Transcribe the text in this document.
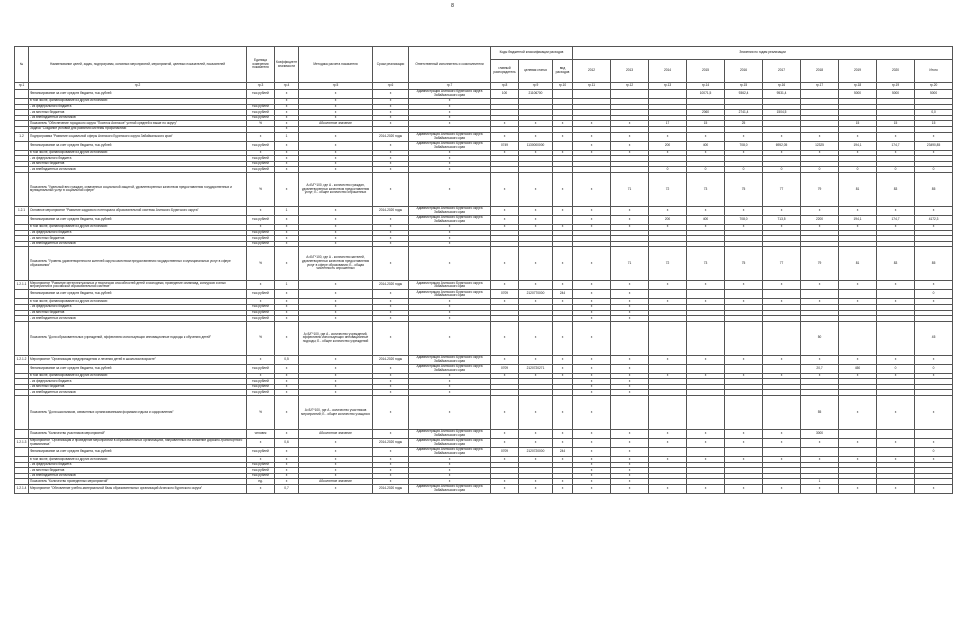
8
№	Наименование целей, задач, подпрограмм, основных мероприятий, мероприятий, целевых показателей, показателей	Единица измерения показателя	Коэффициент значимости	Методика расчета показателя	Сроки реализации	Ответственный исполнитель и соисполнители	Коды бюджетной классификации расходов			Значения по годам реализации										
							главный распорядитель	целевая статья	вид расходов	2012	2013	2014	2015	2016	2017	2018	2019	2020	Итого	
гр.1	гр.2	гр.3	гр.4	гр.5	гр.6	гр.7	гр.8	гр.9	гр.10	гр.11	гр.12	гр.13	гр.14	гр.15	гр.16	гр.17	гр.18	гр.19	гр.20	
	Финансирование за счет средств бюджета, тыс.рублей	тыс.рублей	х	х	х	Администрация Агинского бурятского округа Забайкальского края	100	21106700					10071,5	9362,4	9531,4		5000	5000	5000	
	в том числе, финансирование из других источников:		х	х	х	х														
	- из федерального бюджета	тыс.рублей	х	х	х	х														
	- из местных бюджетов	тыс.рублей	х	х	х	х							2060	2741,4	1504,5				0,0	
	- из внебюджетных источников	тыс.рублей	х	х	х	х														
	Показатель "Обеспечение городского округа "Поселок Агинское" устной средней и выше по округу"	%	х	Абсолютное значение	х	х	х	х	х	х	х	17	15	25			15	15	15	
	Задача "Создание условий для развития системы профилактики		х																	
1.2	Подпрограмма "Развитие социальной сферы Агинского Бурятского округа Забайкальского края"	х	1	х	2014-2020 годы	Администрация Агинского Бурятского округа Забайкальского края	х	х	х	х	х	х	х	х	х	х	х	х	х	
	Финансирование за счет средств бюджета, тыс.рублей	тыс.рублей	х	х	х	Администрация Агинского Бурятского округа Забайкальского края	0749	1130000000		х	х	200	400	708,0	6952,05	12325	194,1	174,7	23490,85	
	в том числе, финансирование из других источников:	х	х	х	х	х	х	х	х	х	х	х	х	х	х	х	х	х	х	
	- из федерального бюджета	тыс.рублей	х	х	х	х														
	- из местных бюджетов	тыс.рублей	х	х	х	х														
	- из внебюджетных источников	тыс.рублей	х	х	х	х						0	0	0	0	0	0	0	0	
	Показатель "Удельный вес граждан, охваченных социальной защитой, удовлетворенных качеством предоставления государственных и муниципальных услуг в социальной сфере"	%	х	А=Б/Г*100, где А - количество граждан, удовлетворенных качеством предоставления услуг; Б - общее количество опрошенных	х	х	х	х	х	х	71	72	73	75	77	79	81	83	85	
1.2.1	Основное мероприятие "Развитие кадрового потенциала образовательной системы Агинского Бурятского округа"	х	1	х	2014-2020 годы	Администрация Агинского Бурятского округа Забайкальского края	х	х	х	х	х	х	х	х	х	х	х	х	х	
	Финансирование за счет средств бюджета, тыс.рублей	тыс.рублей	х	х	х	Администрация Агинского Бурятского округа Забайкальского края	х	х		х	х	200	400	708,0	713,5	2200	194,1	174,7	4172,3	
	в том числе, финансирование из других источников:	х	х	х	х	х	х	х	х	х	х	х	х	х	х	х	х	х	х	
	- из федерального бюджета	тыс.рублей	х	х	х	х														
	- из местных бюджетов	тыс.рублей	х	х	х	х														
	- из внебюджетных источников	тыс.рублей	х	х	х	х														
	Показатель "Уровень удовлетворенности жителей округа качеством предоставления государственных и муниципальных услуг в сфере образования"	%	х	А=Б/Г*100, где А - количество жителей, удовлетворенных качеством предоставления услуг в сфере образования; Б - общая численность опрошенных	х	х	х	х	х	х	71	72	73	75	77	79	81	83	85	
1.2.1.1	Мероприятие "Развитие интеллектуальных и творческих способностей детей и молодежи, проведение олимпиад, конкурсов и иных мероприятий в российской образовательной системе"	х	1	х	2014-2020 годы	Администрация Агинского Бурятского округа Забайкальского края	х	х	х	х	х	х	х	х	х	х	х	х	х	
	Финансирование за счет средств бюджета, тыс.рублей	тыс.рублей	х	х	х	Администрация Агинского Бурятского округа Забайкальского края	0709	2120770000	244	х	х								0	
	в том числе, финансирование из других источников:	х	х	х	х	х	х	х	х	х	х	х	х	х	х	х	х	х	х	
	- из федерального бюджета	тыс.рублей	х	х	х	х				х	х									
	- из местных бюджетов	тыс.рублей	х	х	х	х				х	х									
	- из внебюджетных источников	тыс.рублей	х	х	х	х				х	х									
	Показатель "Доля образовательных учреждений, эффективно использующих инновационные подходы к обучению детей"	%	х	А=Б/Г*100, где А - количество учреждений, эффективно использующих инновационные подходы; Б - общее количество учреждений	х	х	х	х	х	х						50			45	
1.2.1.2	Мероприятие "Организация предупреждения и лечения детей в школьном возрасте"	х	0,5	х	2014-2020 годы	Администрация Агинского Бурятского округа Забайкальского края	х	х	х	х	х	х	х	х	х	х	х	х	х	
	Финансирование за счет средств бюджета, тыс.рублей	тыс.рублей	х	х	х	Администрация Агинского Бурятского округа Забайкальского края	0709	2120720271	х	х	х					20,7	450	0	0	
	в том числе, финансирование из других источников:	х	х	х	х	х	х	х	х	х	х	х	х	х	х	х	х	х	х	
	- из федерального бюджета	тыс.рублей	х	х	х	х				х	х									
	- из местных бюджетов	тыс.рублей	х	х	х	х				х	х									
	- из внебюджетных источников	тыс.рублей	х	х	х	х				х	х									
	Показатель "Доля школьников, охваченных организованными формами отдыха и оздоровления"	%	х	А=Б/Г*100, где А - количество участников мероприятий; Б - общее количество учащихся	х	х	х	х	х	х						55	х	х	х	
	Показатель "Количество участников мероприятий"	человек	х	Абсолютное значение	х	Администрация Агинского Бурятского округа Забайкальского края	х	х	х	х	х	х	х	х	х	3000				
1.2.1.3	Мероприятие "Организация и проведение мероприятий в образовательных организациях, направленных на снижение дорожно-транспортного травматизма"	х	0,6	х	2014-2020 годы	Администрация Агинского Бурятского округа Забайкальского края	х	х	х	х	х	х	х	х	х	х	х	х	х	
	Финансирование за счет средств бюджета, тыс.рублей	тыс.рублей	х	х	х	Администрация Агинского Бурятского округа Забайкальского края	0709	2120720000	244	х	х								0	
	в том числе, финансирование из других источников:	х	х	х	х	х	х	х	х	х	х	х	х	х	х	х	х	х	х	
	- из федерального бюджета	тыс.рублей	х	х	х	х				х	х									
	- из местных бюджетов	тыс.рублей	х	х	х	х				х	х									
	- из внебюджетных источников	тыс.рублей	х	х	х	х				х	х									
	Показатель "Количество проведенных мероприятий"	ед.	х	Абсолютное значение	х	х	х	х	х	х	х					1				
1.2.1.4	Мероприятие "Обновление учебно-материальной базы образовательных организаций Агинского Бурятского округа"	х	0,7	х	2014-2020 годы	Администрация Агинского Бурятского округа Забайкальского края	х	х	х	х	х	х	х	х	х	х	х	х	х	
